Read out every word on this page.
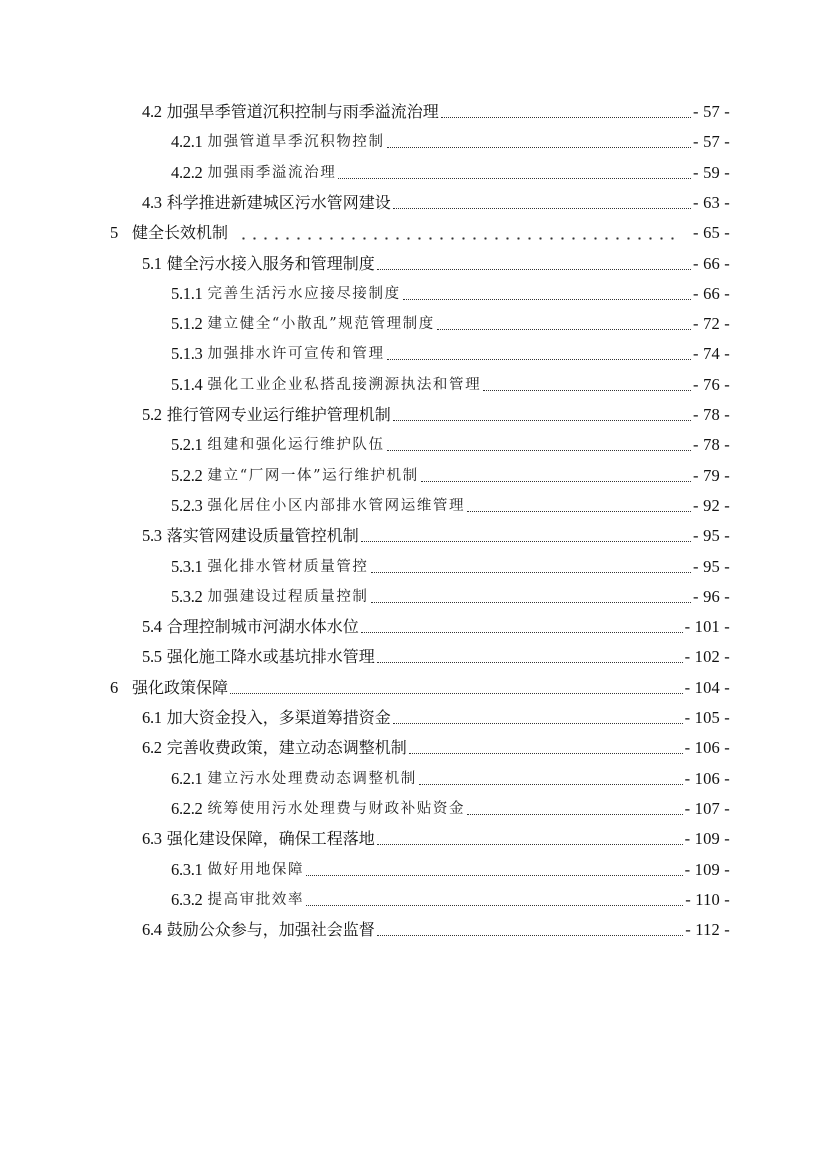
4.2 加强旱季管道沉积控制与雨季溢流治理	- 57 -
4.2.1 加强管道旱季沉积物控制	- 57 -
4.2.2 加强雨季溢流治理	- 59 -
4.3 科学推进新建城区污水管网建设	- 63 -
5 健全长效机制	- 65 -
5.1 健全污水接入服务和管理制度	- 66 -
5.1.1 完善生活污水应接尽接制度	- 66 -
5.1.2 建立健全“小散乱”规范管理制度	- 72 -
5.1.3 加强排水许可宣传和管理	- 74 -
5.1.4 强化工业企业私搭乱接溯源执法和管理	- 76 -
5.2 推行管网专业运行维护管理机制	- 78 -
5.2.1 组建和强化运行维护队伍	- 78 -
5.2.2 建立“厂网一体”运行维护机制	- 79 -
5.2.3 强化居住小区内部排水管网运维管理	- 92 -
5.3 落实管网建设质量管控机制	- 95 -
5.3.1 强化排水管材质量管控	- 95 -
5.3.2 加强建设过程质量控制	- 96 -
5.4 合理控制城市河湖水体水位	- 101 -
5.5 强化施工降水或基坑排水管理	- 102 -
6 强化政策保障	- 104 -
6.1 加大资金投入，多渠道筹措资金	- 105 -
6.2 完善收费政策，建立动态调整机制	- 106 -
6.2.1 建立污水处理费动态调整机制	- 106 -
6.2.2 统筹使用污水处理费与财政补贴资金	- 107 -
6.3 强化建设保障，确保工程落地	- 109 -
6.3.1 做好用地保障	- 109 -
6.3.2 提高审批效率	- 110 -
6.4 鼓励公众参与，加强社会监督	- 112 -
